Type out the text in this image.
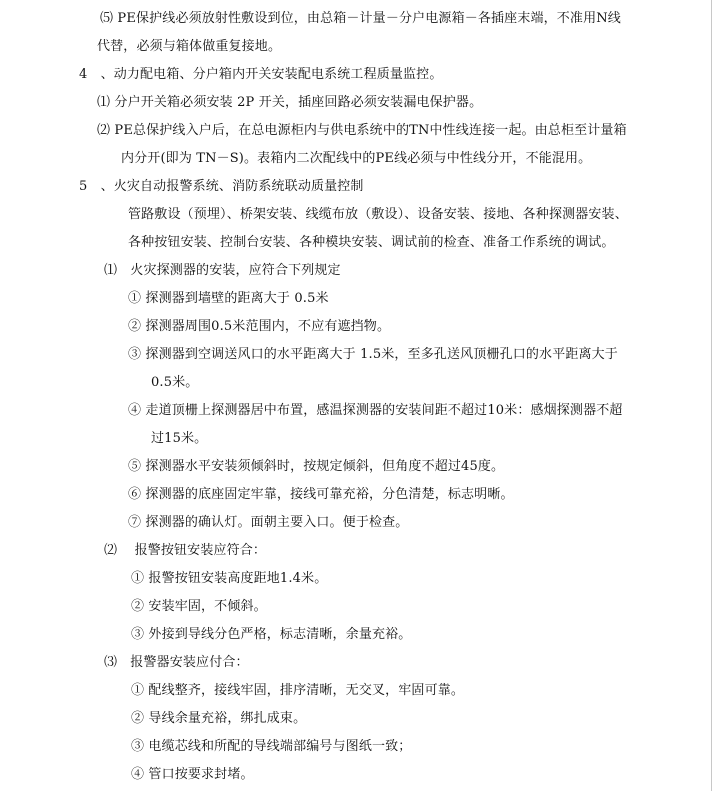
⑸ PE保护线必须放射性敷设到位，由总箱－计量－分户电源箱－各插座末端，不准用N线
代替，必须与箱体做重复接地。
4　、动力配电箱、分户箱内开关安装配电系统工程质量监控。
⑴ 分户开关箱必须安装 2P 开关，插座回路必须安装漏电保护器。
⑵ PE总保护线入户后，在总电源柜内与供电系统中的TN中性线连接一起。由总柜至计量箱
内分开(即为 TN－S)。表箱内二次配线中的PE线必须与中性线分开，不能混用。
5　、火灾自动报警系统、消防系统联动质量控制
管路敷设（预埋）、桥架安装、线缆布放（敷设）、设备安装、接地、各种探测器安装、
各种按钮安装、控制台安装、各种模块安装、调试前的检查、准备工作系统的调试。
⑴　火灾探测器的安装，应符合下列规定
① 探测器到墙壁的距离大于 0.5米
② 探测器周围0.5米范围内，不应有遮挡物。
③ 探测器到空调送风口的水平距离大于 1.5米，至多孔送风顶栅孔口的水平距离大于
0.5米。
④ 走道顶栅上探测器居中布置，感温探测器的安装间距不超过10米：感烟探测器不超
过15米。
⑤ 探测器水平安装须倾斜时，按规定倾斜，但角度不超过45度。
⑥ 探测器的底座固定牢靠，接线可靠充裕，分色清楚，标志明晰。
⑦ 探测器的确认灯。面朝主要入口。便于检查。
⑵　 报警按钮安装应符合：
① 报警按钮安装高度距地1.4米。
② 安装牢固，不倾斜。
③ 外接到导线分色严格，标志清晰，余量充裕。
⑶　报警器安装应付合：
① 配线整齐，接线牢固，排序清晰，无交叉，牢固可靠。
② 导线余量充裕，绑扎成束。
③ 电缆芯线和所配的导线端部编号与图纸一致；
④ 管口按要求封堵。
